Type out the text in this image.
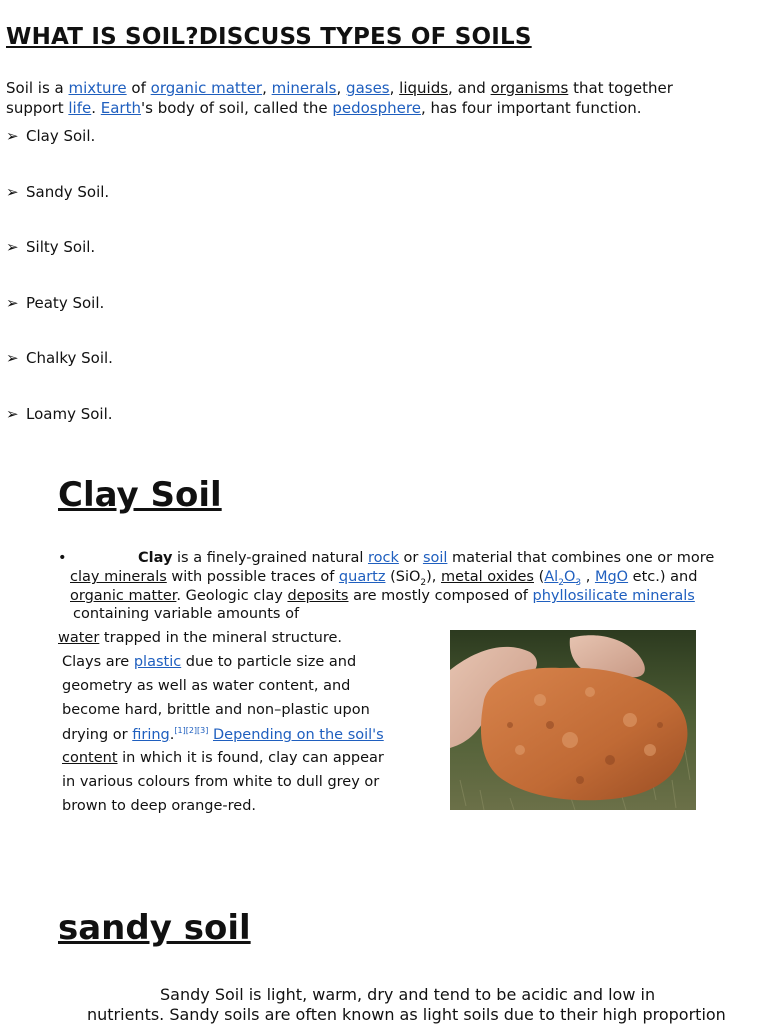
WHAT IS SOIL?DISCUSS TYPES OF SOILS
Soil is a mixture of organic matter, minerals, gases, liquids, and organisms that together
support life. Earth's body of soil, called the pedosphere, has four important function.
➢ Clay Soil.
➢ Sandy Soil.
➢ Silty Soil.
➢ Peaty Soil.
➢ Chalky Soil.
➢ Loamy Soil.
Clay Soil
•	Clay is a finely-grained natural rock or soil material that combines one or more
clay minerals with possible traces of quartz (SiO$_2$), metal oxides ($Al_2O_3$ , MgO etc.) and
organic matter. Geologic clay deposits are mostly composed of phyllosilicate minerals
containing variable amounts of
water trapped in the mineral structure.
Clays are plastic due to particle size and
geometry as well as water content, and
become hard, brittle and non–plastic upon
drying or firing.[1][2][3] Depending on the soil's
content in which it is found, clay can appear
in various colours from white to dull grey or
brown to deep orange-red.
sandy soil
Sandy Soil is light, warm, dry and tend to be acidic and low in
nutrients. Sandy soils are often known as light soils due to their high proportion
